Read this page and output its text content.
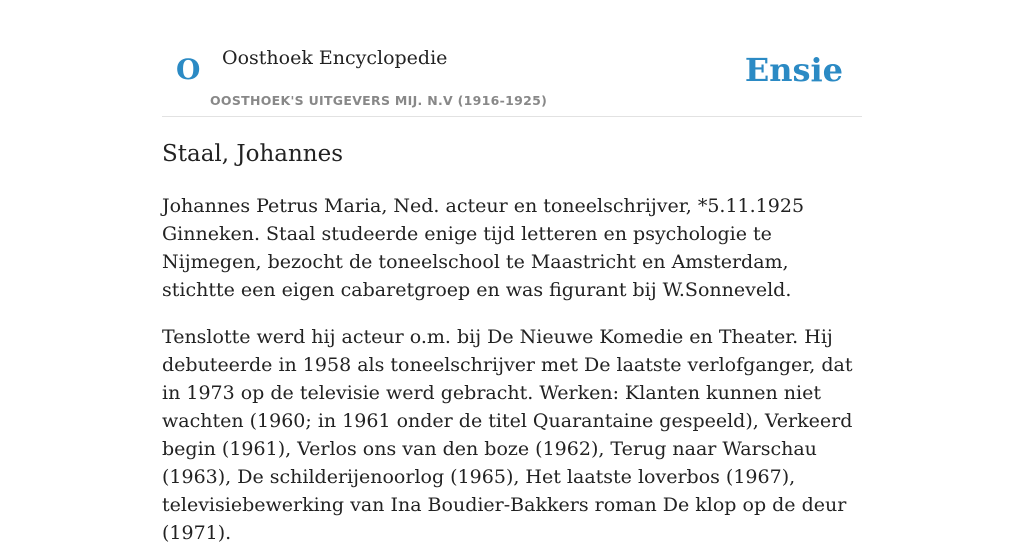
O Oosthoek Encyclopedie
OOSTHOEK'S UITGEVERS MIJ. N.V (1916-1925)
Ensie
Staal, Johannes

Johannes Petrus Maria, Ned. acteur en toneelschrijver, *5.11.1925 Ginneken. Staal studeerde enige tijd letteren en psychologie te Nijmegen, bezocht de toneelschool te Maastricht en Amsterdam, stichtte een eigen cabaretgroep en was figurant bij W.Sonneveld.

Tenslotte werd hij acteur o.m. bij De Nieuwe Komedie en Theater. Hij debuteerde in 1958 als toneelschrijver met De laatste verlofganger, dat in 1973 op de televisie werd gebracht. Werken: Klanten kunnen niet wachten (1960; in 1961 onder de titel Quarantaine gespeeld), Verkeerd begin (1961), Verlos ons van den boze (1962), Terug naar Warschau (1963), De schilderijenoorlog (1965), Het laatste loverbos (1967), televisiebewerking van Ina Boudier-Bakkers roman De klop op de deur (1971).
